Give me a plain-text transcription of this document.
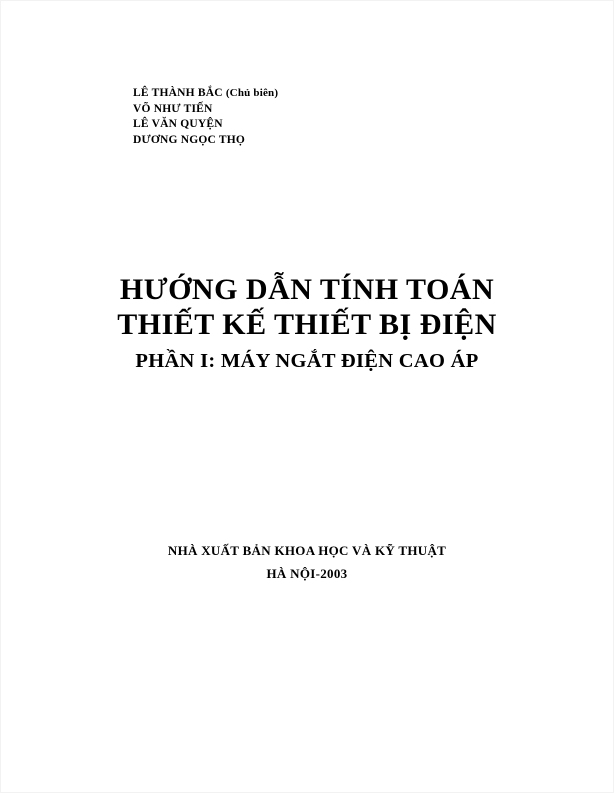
LÊ THÀNH BẮC (Chủ biên)
VÕ NHƯ TIẾN
LÊ VĂN QUYỆN
DƯƠNG NGỌC THỌ
HƯỚNG DẪN TÍNH TOÁN
THIẾT KẾ THIẾT BỊ ĐIỆN
PHẦN I: MÁY NGẮT ĐIỆN CAO ÁP
NHÀ XUẤT BẢN KHOA HỌC VÀ KỸ THUẬT
HÀ NỘI-2003
